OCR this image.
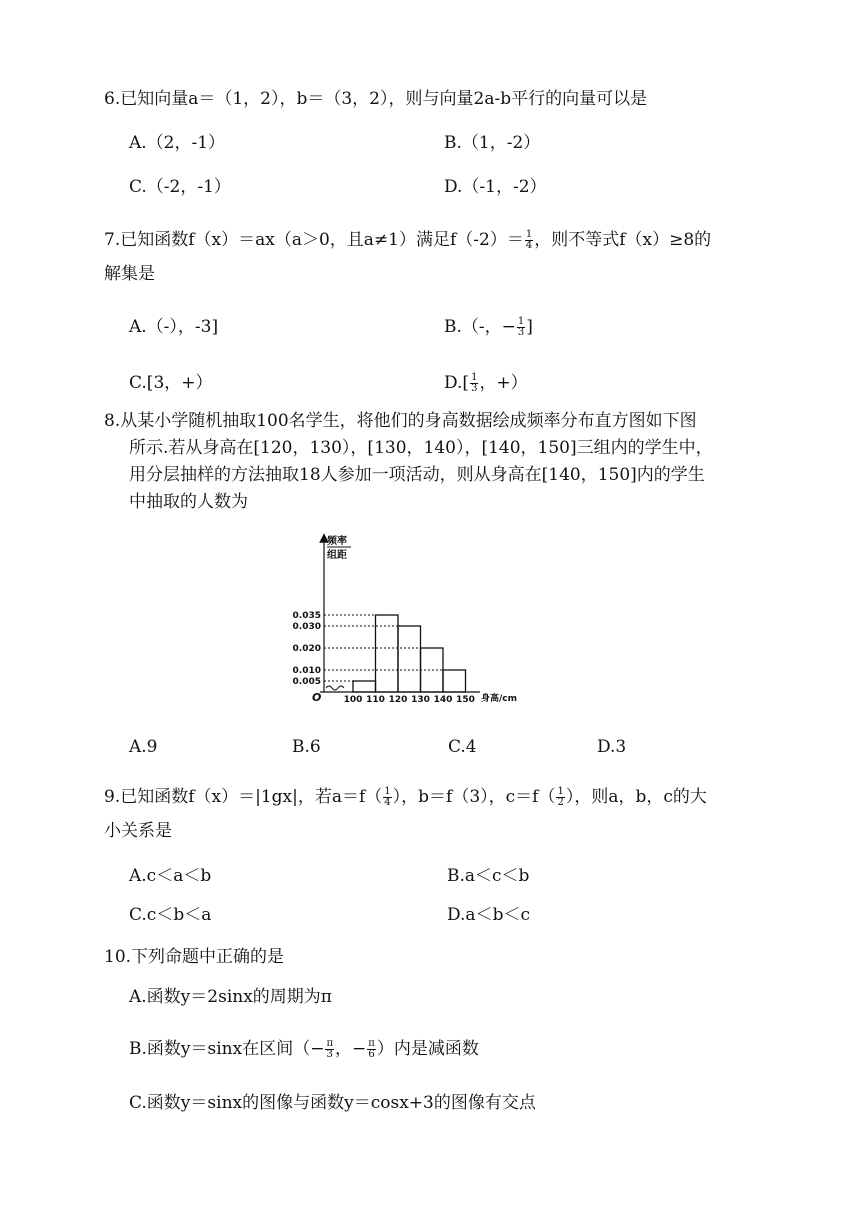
6.已知向量a＝（1，2），b＝（3，2），则与向量2a-b平行的向量可以是
A.（2，-1）	B.（1，-2）
C.（-2，-1）	D.（-1，-2）
7.已知函数f（x）＝ax（a＞0，且a≠1）满足$f(-2)= \frac{1}{4}$ ，则不等式f（x）≥8的
解集是
A.（-），-3]	B.（-，− $\frac{1}{3}$ ]
C.[3，+）	$D.[ \frac{1}{3}$ ，+）
8.从某小学随机抽取100名学生，将他们的身高数据绘成频率分布直方图如下图
所示.若从身高在[120，130），[130，140），[140，150]三组内的学生中，
用分层抽样的方法抽取18人参加一项活动，则从身高在[140，150]内的学生
中抽取的人数为
频率
组距
O
0.005
0.010
0.020
0.030
0.035
100 110 120 130 140 150 身高/cm
A.9	B.6	C.4	D.3
9.已知函数f（x）＝|1gx|，若$a=f( \frac{1}{4}$ ），b＝f（3），$c=f( \frac{1}{2}$ ），则a，b，c的大
小关系是
A.c＜a＜b	B.a＜c＜b
C.c＜b＜a	D.a＜b＜c
10.下列命题中正确的是
A.函数y＝2sinx的周期为π
B.函数y＝sinx在区间（− $\frac{\pi}{3}$ ，− $\frac{\pi}{6}$ ）内是减函数
C.函数y＝sinx的图像与函数y＝cosx+3的图像有交点
